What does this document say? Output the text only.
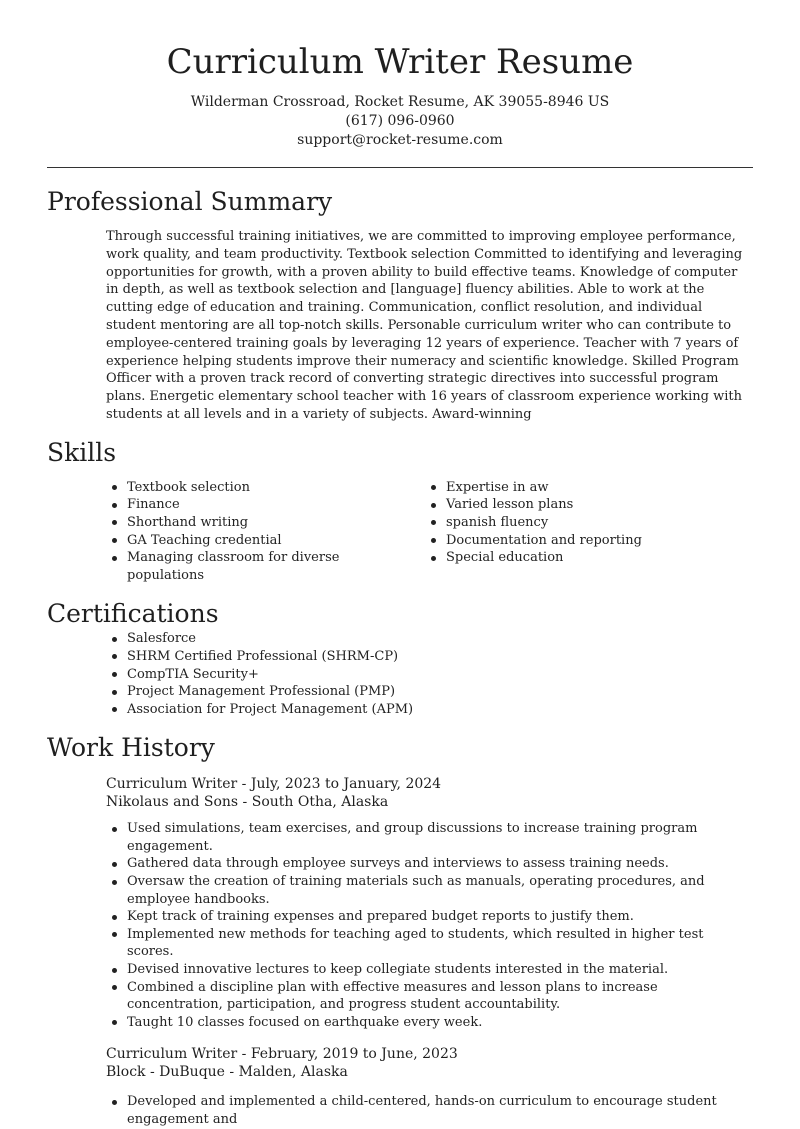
Curriculum Writer Resume

Wilderman Crossroad, Rocket Resume, AK 39055-8946 US

(617) 096-0960

support@rocket-resume.com

Professional Summary

Through successful training initiatives, we are committed to improving employee performance, work quality, and team productivity. Textbook selection Committed to identifying and leveraging opportunities for growth, with a proven ability to build effective teams. Knowledge of computer in depth, as well as textbook selection and [language] fluency abilities. Able to work at the cutting edge of education and training. Communication, conflict resolution, and individual student mentoring are all top-notch skills. Personable curriculum writer who can contribute to employee-centered training goals by leveraging 12 years of experience. Teacher with 7 years of experience helping students improve their numeracy and scientific knowledge. Skilled Program Officer with a proven track record of converting strategic directives into successful program plans. Energetic elementary school teacher with 16 years of classroom experience working with students at all levels and in a variety of subjects. Award-winning

Skills
Textbook selection
Finance
Shorthand writing
GA Teaching credential
Managing classroom for diverse populations
Expertise in aw
Varied lesson plans
spanish fluency
Documentation and reporting
Special education
Certifications
Salesforce
SHRM Certified Professional (SHRM-CP)
CompTIA Security+
Project Management Professional (PMP)
Association for Project Management (APM)
Work History

Curriculum Writer - July, 2023 to January, 2024

Nikolaus and Sons - South Otha, Alaska

Used simulations, team exercises, and group discussions to increase training program engagement.
Gathered data through employee surveys and interviews to assess training needs.
Oversaw the creation of training materials such as manuals, operating procedures, and employee handbooks.
Kept track of training expenses and prepared budget reports to justify them.
Implemented new methods for teaching aged to students, which resulted in higher test scores.
Devised innovative lectures to keep collegiate students interested in the material.
Combined a discipline plan with effective measures and lesson plans to increase concentration, participation, and progress student accountability.
Taught 10 classes focused on earthquake every week.

Curriculum Writer - February, 2019 to June, 2023

Block - DuBuque - Malden, Alaska

Developed and implemented a child-centered, hands-on curriculum to encourage student engagement and
